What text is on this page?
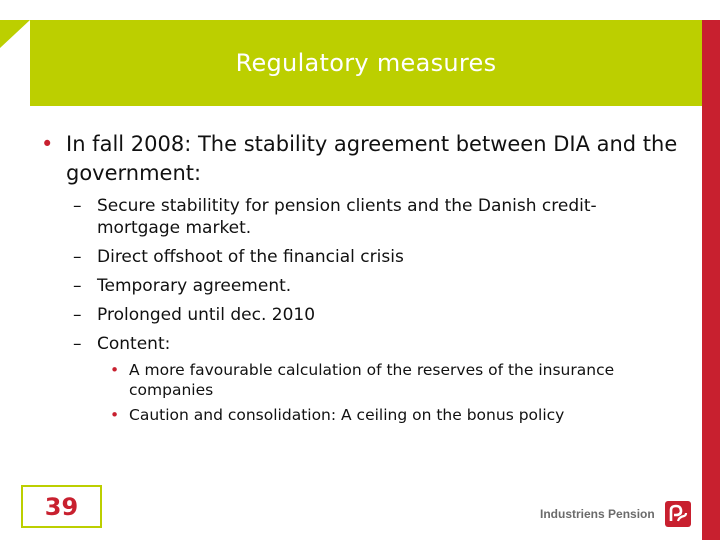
Regulatory measures
• In fall 2008: The stability agreement between DIA and the government:
– Secure stabilitity for pension clients and the Danish credit-mortgage market.
– Direct offshoot of the financial crisis
– Temporary agreement.
– Prolonged until dec. 2010
– Content:
• A more favourable calculation of the reserves of the insurance companies
• Caution and consolidation: A ceiling on the bonus policy
39	Industriens Pension
